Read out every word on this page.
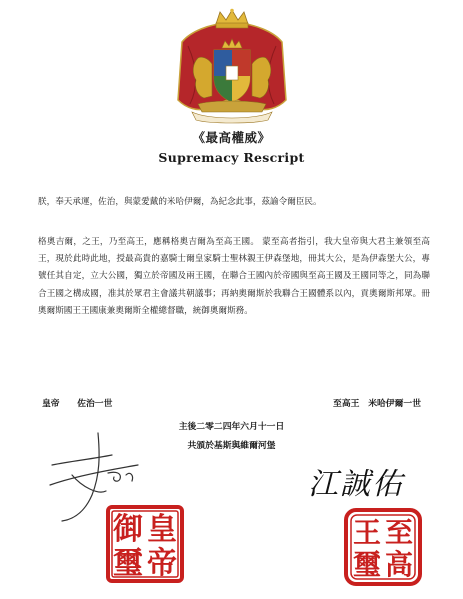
《最高權威》
Supremacy Rescript
朕，奉天承運，佐治，與蒙愛戴的米哈伊爾，為紀念此事，茲諭令爾臣民。
格奧吉爾，之王，乃至高王，應稱格奧吉爾為至高王國。 蒙至高者指引，我大皇帝與大君主兼領至高王，現於此時此地，授最高貴的嘉騎士爾皇家騎士聖林親王伊森堡地，冊其大公，是為伊森堡大公，專號任其自定，立大公國，獨立於帝國及兩王國，在聯合王國內於帝國與至高王國及王國同等之，同為聯合王國之構成國，准其於眾君主會議共朝議事；再納奧爾斯於我聯合王國體系以內，貢奧爾斯邦眾。冊奧爾斯國王王國康兼奧爾斯全權總督職，統御奧爾斯務。
皇帝　　佐治一世	至高王　米哈伊爾一世
主後二零二四年六月十一日
共頒於基斯與維爾河堡
江誠佑
皇
帝
御
璽
至
高
王
璽
